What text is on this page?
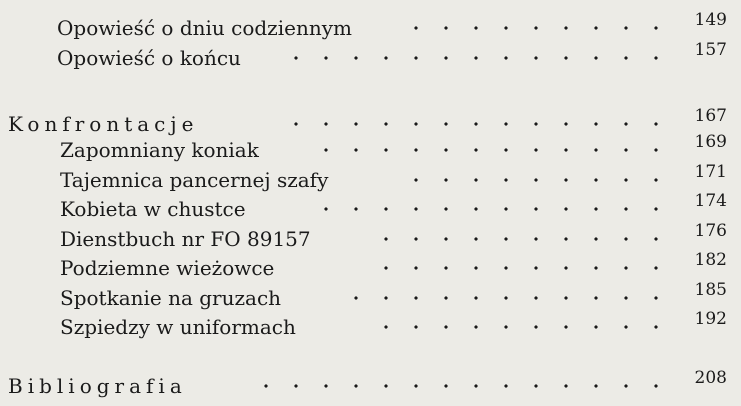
Opowieść o dniu codziennym	149
Opowieść o końcu	157
Konfrontacje	167
Zapomniany koniak	169
Tajemnica pancernej szafy	171
Kobieta w chustce	174
Dienstbuch nr FO 89157	176
Podziemne wieżowce	182
Spotkanie na gruzach	185
Szpiedzy w uniformach	192
Bibliografia	208
